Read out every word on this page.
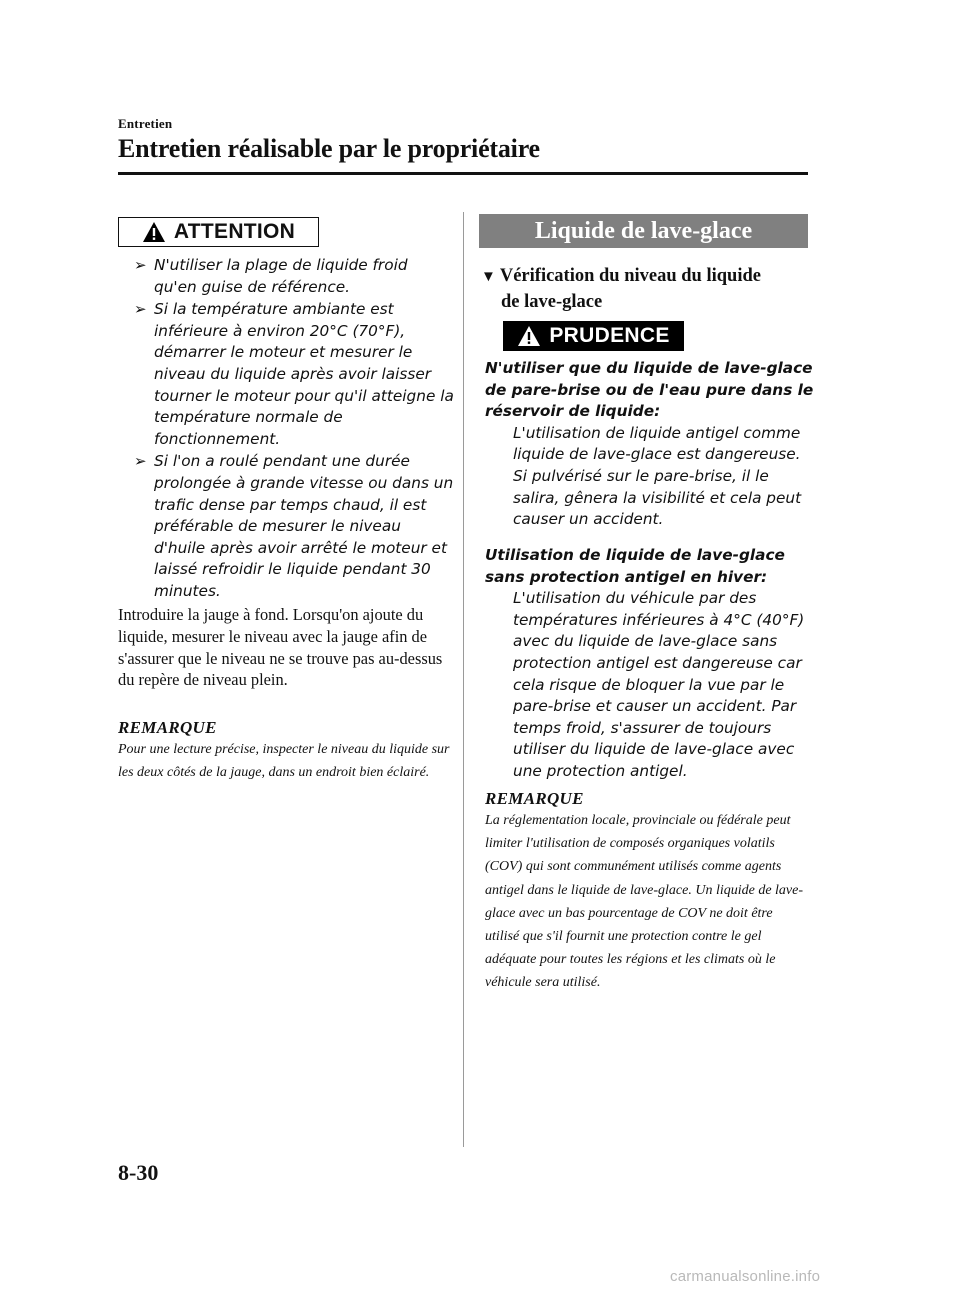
Entretien
Entretien réalisable par le propriétaire
ATTENTION
➢ N'utiliser la plage de liquide froid qu'en guise de référence.
➢ Si la température ambiante est inférieure à environ 20°C (70°F), démarrer le moteur et mesurer le niveau du liquide après avoir laisser tourner le moteur pour qu'il atteigne la température normale de fonctionnement.
➢ Si l'on a roulé pendant une durée prolongée à grande vitesse ou dans un trafic dense par temps chaud, il est préférable de mesurer le niveau d'huile après avoir arrêté le moteur et laissé refroidir le liquide pendant 30 minutes.

Introduire la jauge à fond. Lorsqu'on ajoute du liquide, mesurer le niveau avec la jauge afin de s'assurer que le niveau ne se trouve pas au-dessus du repère de niveau plein.

REMARQUE

Pour une lecture précise, inspecter le niveau du liquide sur les deux côtés de la jauge, dans un endroit bien éclairé.

Liquide de lave-glace
▼ Vérification du niveau du liquide
de lave-glace
PRUDENCE

N'utiliser que du liquide de lave-glace de pare-brise ou de l'eau pure dans le réservoir de liquide:

L'utilisation de liquide antigel comme liquide de lave-glace est dangereuse. Si pulvérisé sur le pare-brise, il le salira, gênera la visibilité et cela peut causer un accident.

Utilisation de liquide de lave-glace sans protection antigel en hiver:

L'utilisation du véhicule par des températures inférieures à 4°C (40°F) avec du liquide de lave-glace sans protection antigel est dangereuse car cela risque de bloquer la vue par le pare-brise et causer un accident. Par temps froid, s'assurer de toujours utiliser du liquide de lave-glace avec une protection antigel.

REMARQUE

La réglementation locale, provinciale ou fédérale peut limiter l'utilisation de composés organiques volatils (COV) qui sont communément utilisés comme agents antigel dans le liquide de lave-glace. Un liquide de lave-glace avec un bas pourcentage de COV ne doit être utilisé que s'il fournit une protection contre le gel adéquate pour toutes les régions et les climats où le véhicule sera utilisé.

8-30
carmanualsonline.info
